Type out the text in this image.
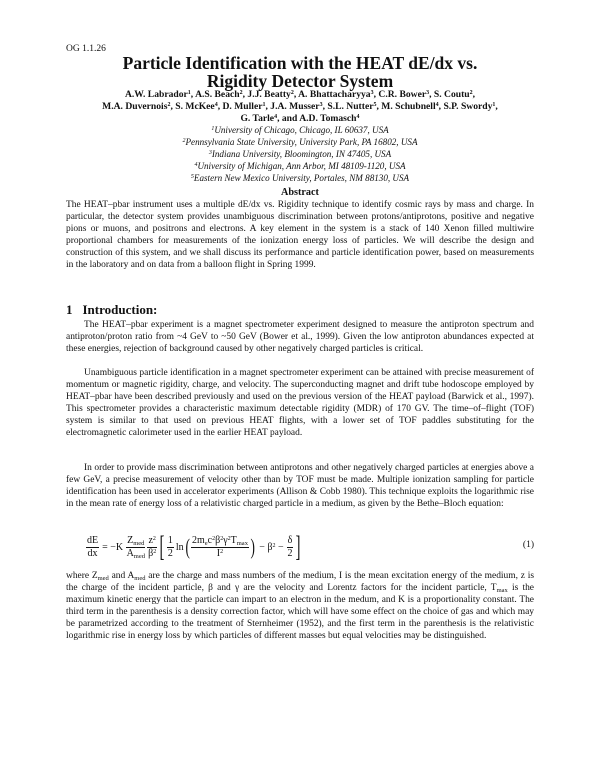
OG 1.1.26
Particle Identification with the HEAT dE/dx vs.
Rigidity Detector System
A.W. Labrador$^1$, A.S. Beach$^2$, J.J. Beatty$^2$, A. Bhattacharyya$^3$, C.R. Bower$^3$, S. Coutu$^2$,
M.A. Duvernois$^2$, S. McKee$^4$, D. Muller$^1$, J.A. Musser$^3$, S.L. Nutter$^5$, M. Schubnell$^4$, S.P. Swordy$^1$,
G. Tarle$^4$, and A.D. Tomasch$^4$
$^1$University of Chicago, Chicago, IL 60637, USA
$^2$Pennsylvania State University, University Park, PA 16802, USA
$^3$Indiana University, Bloomington, IN 47405, USA
$^4$University of Michigan, Ann Arbor, MI 48109-1120, USA
$^5$Eastern New Mexico University, Portales, NM 88130, USA
Abstract

The HEAT–pbar instrument uses a multiple dE/dx vs. Rigidity technique to identify cosmic rays by mass and charge. In particular, the detector system provides unambiguous discrimination between protons/antiprotons, positive and negative pions or muons, and positrons and electrons. A key element in the system is a stack of 140 Xenon filled multiwire proportional chambers for measurements of the ionization energy loss of particles. We will describe the design and construction of this system, and we shall discuss its performance and particle identification power, based on measurements in the laboratory and on data from a balloon flight in Spring 1999.

1 Introduction:

The HEAT–pbar experiment is a magnet spectrometer experiment designed to measure the antiproton spectrum and antiproton/proton ratio from ~4 GeV to ~50 GeV (Bower et al., 1999). Given the low antiproton abundances expected at these energies, rejection of background caused by other negatively charged particles is critical.

Unambiguous particle identification in a magnet spectrometer experiment can be attained with precise measurement of momentum or magnetic rigidity, charge, and velocity. The superconducting magnet and drift tube hodoscope employed by HEAT–pbar have been described previously and used on the previous version of the HEAT payload (Barwick et al., 1997). This spectrometer provides a characteristic maximum detectable rigidity (MDR) of 170 GV. The time–of–flight (TOF) system is similar to that used on previous HEAT flights, with a lower set of TOF paddles substituting for the electromagnetic calorimeter used in the earlier HEAT payload.

In order to provide mass discrimination between antiprotons and other negatively charged particles at energies above a few GeV, a precise measurement of velocity other than by TOF must be made. Multiple ionization sampling for particle identification has been used in accelerator experiments (Allison & Cobb 1980). This technique exploits the logarithmic rise in the mean rate of energy loss of a relativistic charged particle in a medium, as given by the Bethe–Bloch equation:

$\frac{dE}{dx} = -K \frac{Z_{med}}{A_{med}} \frac{z^2}{\beta^2}$ [ $\frac{1}{2}$ ln ( $\frac{2m_ec^2\beta^2\gamma^2T_{max}}{I^2}$ ) − $\beta^2 - \frac{\delta}{2}$ ]	(1)

where $Z_{med}$ and $A_{med}$ are the charge and mass numbers of the medium, I is the mean excitation energy of the medium, z is the charge of the incident particle, β and γ are the velocity and Lorentz factors for the incident particle, $T_{max}$ is the maximum kinetic energy that the particle can impart to an electron in the medum, and K is a proportionality constant. The third term in the parenthesis is a density correction factor, which will have some effect on the choice of gas and which may be parametrized according to the treatment of Sternheimer (1952), and the first term in the parenthesis is the relativistic logarithmic rise in energy loss by which particles of different masses but equal velocities may be distinguished.
